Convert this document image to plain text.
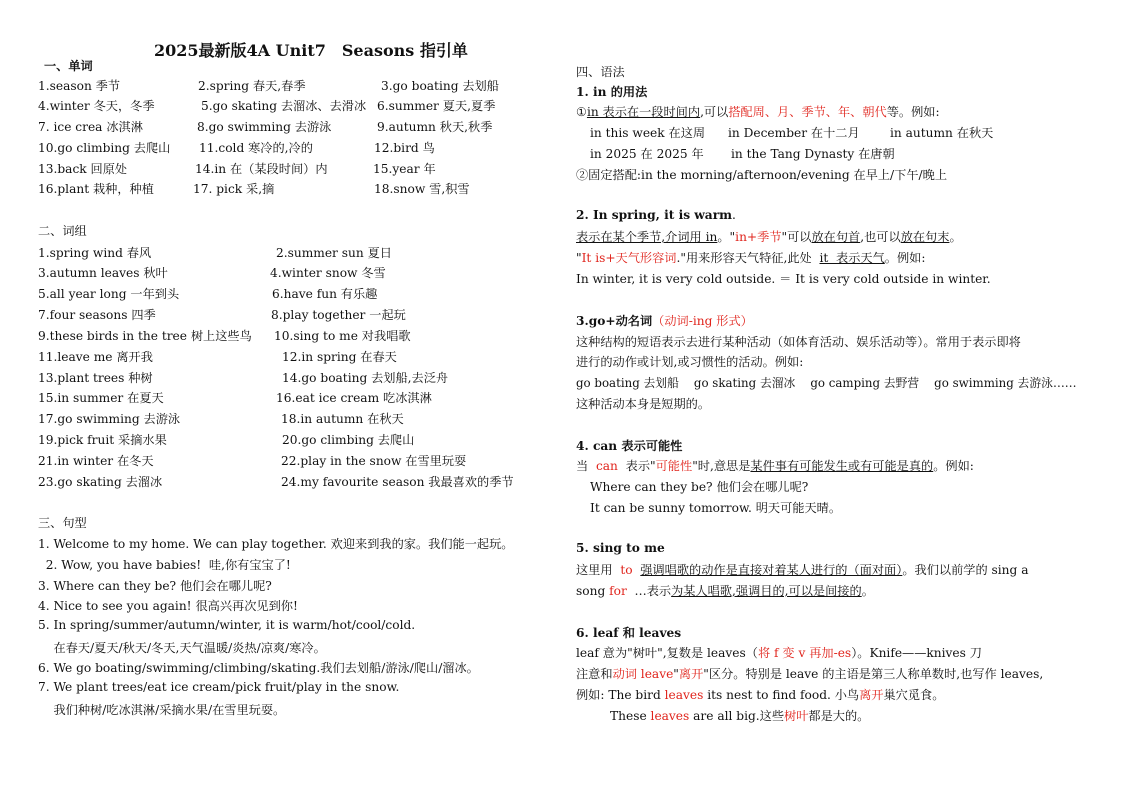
2025最新版4A Unit7　Seasons 指引单
一、单词
1.season 季节	2.spring 春天,春季	3.go boating 去划船
4.winter 冬天，冬季	5.go skating 去溜冰、去滑冰 6.summer 夏天,夏季
7. ice crea 冰淇淋	8.go swimming 去游泳	9.autumn 秋天,秋季
10.go climbing 去爬山 11.cold 寒冷的,冷的	12.bird 鸟
13.back 回原处	14.in 在（某段时间）内	15.year 年
16.plant 栽种，种植	17. pick 采,摘	18.snow 雪,积雪
二、词组
1.spring wind 春风	2.summer sun 夏日
3.autumn leaves 秋叶	4.winter snow 冬雪
5.all year long 一年到头	6.have fun 有乐趣
7.four seasons 四季	8.play together 一起玩
9.these birds in the tree 树上这些鸟 10.sing to me 对我唱歌
11.leave me 离开我	12.in spring 在春天
13.plant trees 种树	14.go boating 去划船,去泛舟
15.in summer 在夏天	16.eat ice cream 吃冰淇淋
17.go swimming 去游泳	18.in autumn 在秋天
19.pick fruit 采摘水果	20.go climbing 去爬山
21.in winter 在冬天	22.play in the snow 在雪里玩耍
23.go skating 去溜冰	24.my favourite season 我最喜欢的季节
三、句型
1. Welcome to my home. We can play together. 欢迎来到我的家。我们能一起玩。
2. Wow, you have babies!  哇,你有宝宝了!
3. Where can they be? 他们会在哪儿呢?
4. Nice to see you again! 很高兴再次见到你!
5. In spring/summer/autumn/winter, it is warm/hot/cool/cold.
在春天/夏天/秋天/冬天,天气温暖/炎热/凉爽/寒冷。
6. We go boating/swimming/climbing/skating.我们去划船/游泳/爬山/溜冰。
7. We plant trees/eat ice cream/pick fruit/play in the snow.
我们种树/吃冰淇淋/采摘水果/在雪里玩耍。
四、语法
1. in 的用法
①in 表示在一段时间内,可以搭配周、月、季节、年、朝代等。例如:
in this week 在这周 in December 在十二月 in autumn 在秋天
in 2025 在 2025 年 in the Tang Dynasty 在唐朝
②固定搭配:in the morning/afternoon/evening 在早上/下午/晚上
2. In spring, it is warm.
表示在某个季节,介词用 in。"in+季节"可以放在句首,也可以放在句末。
"It is+天气形容词."用来形容天气特征,此处  it  表示天气。例如:
In winter, it is very cold outside. ＝ It is very cold outside in winter.
3.go+动名词（动词-ing 形式）
这种结构的短语表示去进行某种活动（如体育活动、娱乐活动等）。常用于表示即将
进行的动作或计划,或习惯性的活动。例如:
go boating 去划船    go skating 去溜冰    go camping 去野营    go swimming 去游泳……
这种活动本身是短期的。
4. can 表示可能性
当  can  表示"可能性"时,意思是某件事有可能发生或有可能是真的。例如:
Where can they be? 他们会在哪儿呢?
It can be sunny tomorrow. 明天可能天晴。
5. sing to me
这里用  to 强调唱歌的动作是直接对着某人进行的（面对面）。我们以前学的 sing a
song for  …表示为某人唱歌,强调目的,可以是间接的。
6. leaf 和 leaves
leaf 意为"树叶",复数是 leaves（将 f 变 v 再加-es）。Knife——knives 刀
注意和动词 leave"离开"区分。特别是 leave 的主语是第三人称单数时,也写作 leaves,
例如: The bird leaves its nest to find food. 小鸟离开巢穴觅食。
These leaves are all big.这些树叶都是大的。
